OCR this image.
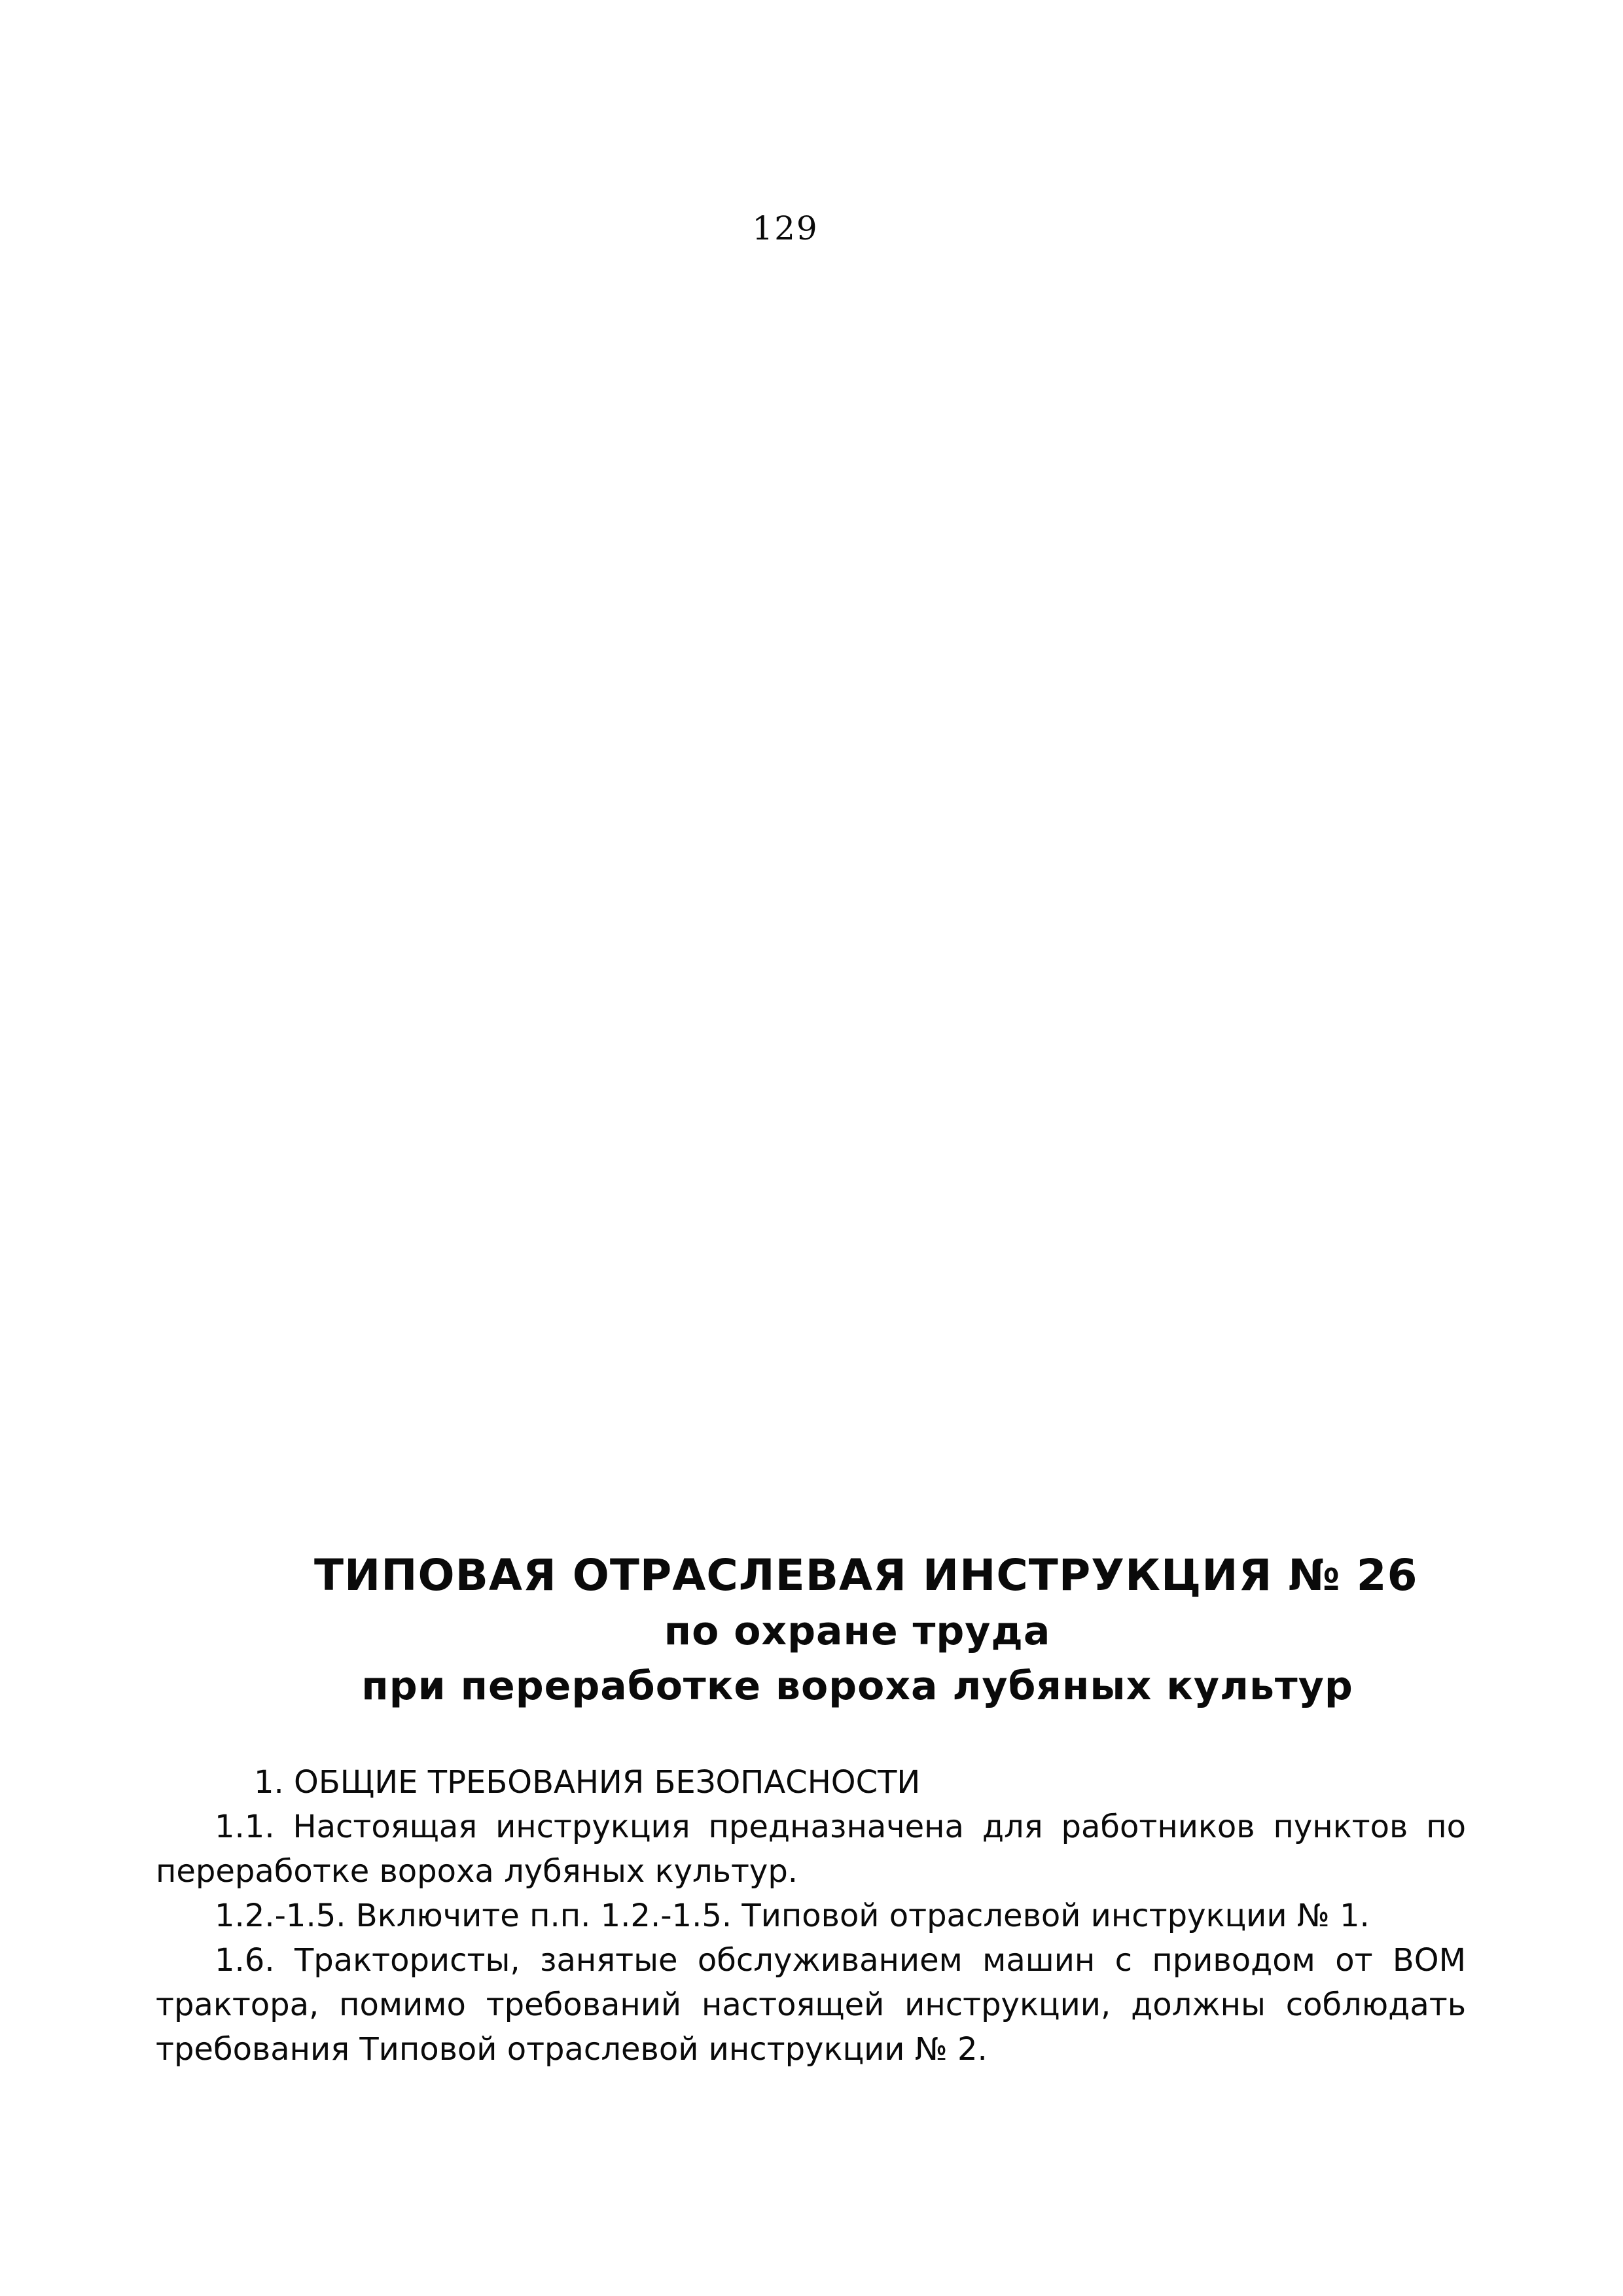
129
ТИПОВАЯ ОТРАСЛЕВАЯ ИНСТРУКЦИЯ № 26
по охране труда
при переработке вороха лубяных культур
1. ОБЩИЕ ТРЕБОВАНИЯ БЕЗОПАСНОСТИ
1.1. Настоящая инструкция предназначена для работников пунктов по
переработке вороха лубяных культур.
1.2.-1.5. Включите п.п. 1.2.-1.5. Типовой отраслевой инструкции № 1.
1.6. Трактористы, занятые обслуживанием машин с приводом от ВОМ
трактора, помимо требований настоящей инструкции, должны соблюдать
требования Типовой отраслевой инструкции № 2.
